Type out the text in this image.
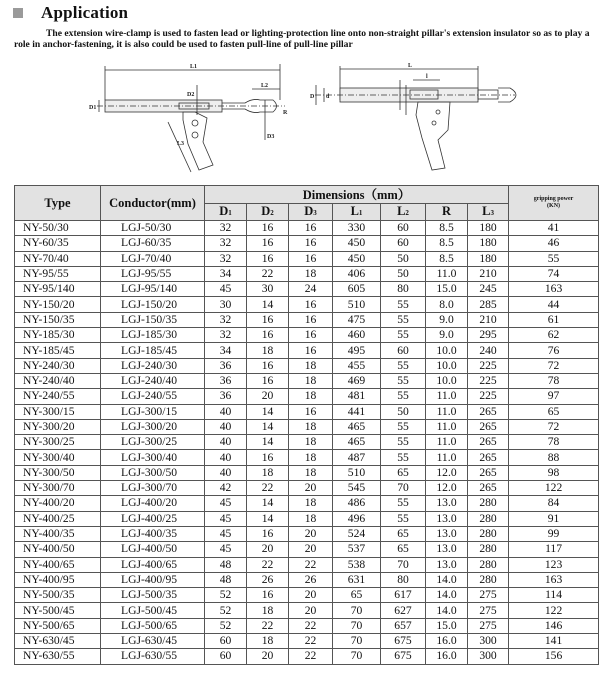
Application
The extension wire-clamp is used to fasten lead or lighting-protection line onto non-straight pillar's extension insulator so as to play a role in anchor-fastening, it is also could be used to fasten pull-line of pull-line pillar
L1
L2
D1
D2
D3
L3
R
L
l
D d
Type	Conductor(mm)	Dimensions（mm）							gripping power
(KN)
		D1	D2	D3	L1	L2	R	L3	
NY-50/30	LGJ-50/30	32	16	16	330	60	8.5	180	41
NY-60/35	LGJ-60/35	32	16	16	450	60	8.5	180	46
NY-70/40	LGJ-70/40	32	16	16	450	50	8.5	180	55
NY-95/55	LGJ-95/55	34	22	18	406	50	11.0	210	74
NY-95/140	LGJ-95/140	45	30	24	605	80	15.0	245	163
NY-150/20	LGJ-150/20	30	14	16	510	55	8.0	285	44
NY-150/35	LGJ-150/35	32	16	16	475	55	9.0	210	61
NY-185/30	LGJ-185/30	32	16	16	460	55	9.0	295	62
NY-185/45	LGJ-185/45	34	18	16	495	60	10.0	240	76
NY-240/30	LGJ-240/30	36	16	18	455	55	10.0	225	72
NY-240/40	LGJ-240/40	36	16	18	469	55	10.0	225	78
NY-240/55	LGJ-240/55	36	20	18	481	55	11.0	225	97
NY-300/15	LGJ-300/15	40	14	16	441	50	11.0	265	65
NY-300/20	LGJ-300/20	40	14	18	465	55	11.0	265	72
NY-300/25	LGJ-300/25	40	14	18	465	55	11.0	265	78
NY-300/40	LGJ-300/40	40	16	18	487	55	11.0	265	88
NY-300/50	LGJ-300/50	40	18	18	510	65	12.0	265	98
NY-300/70	LGJ-300/70	42	22	20	545	70	12.0	265	122
NY-400/20	LGJ-400/20	45	14	18	486	55	13.0	280	84
NY-400/25	LGJ-400/25	45	14	18	496	55	13.0	280	91
NY-400/35	LGJ-400/35	45	16	20	524	65	13.0	280	99
NY-400/50	LGJ-400/50	45	20	20	537	65	13.0	280	117
NY-400/65	LGJ-400/65	48	22	22	538	70	13.0	280	123
NY-400/95	LGJ-400/95	48	26	26	631	80	14.0	280	163
NY-500/35	LGJ-500/35	52	16	20	65	617	14.0	275	114
NY-500/45	LGJ-500/45	52	18	20	70	627	14.0	275	122
NY-500/65	LGJ-500/65	52	22	22	70	657	15.0	275	146
NY-630/45	LGJ-630/45	60	18	22	70	675	16.0	300	141
NY-630/55	LGJ-630/55	60	20	22	70	675	16.0	300	156
